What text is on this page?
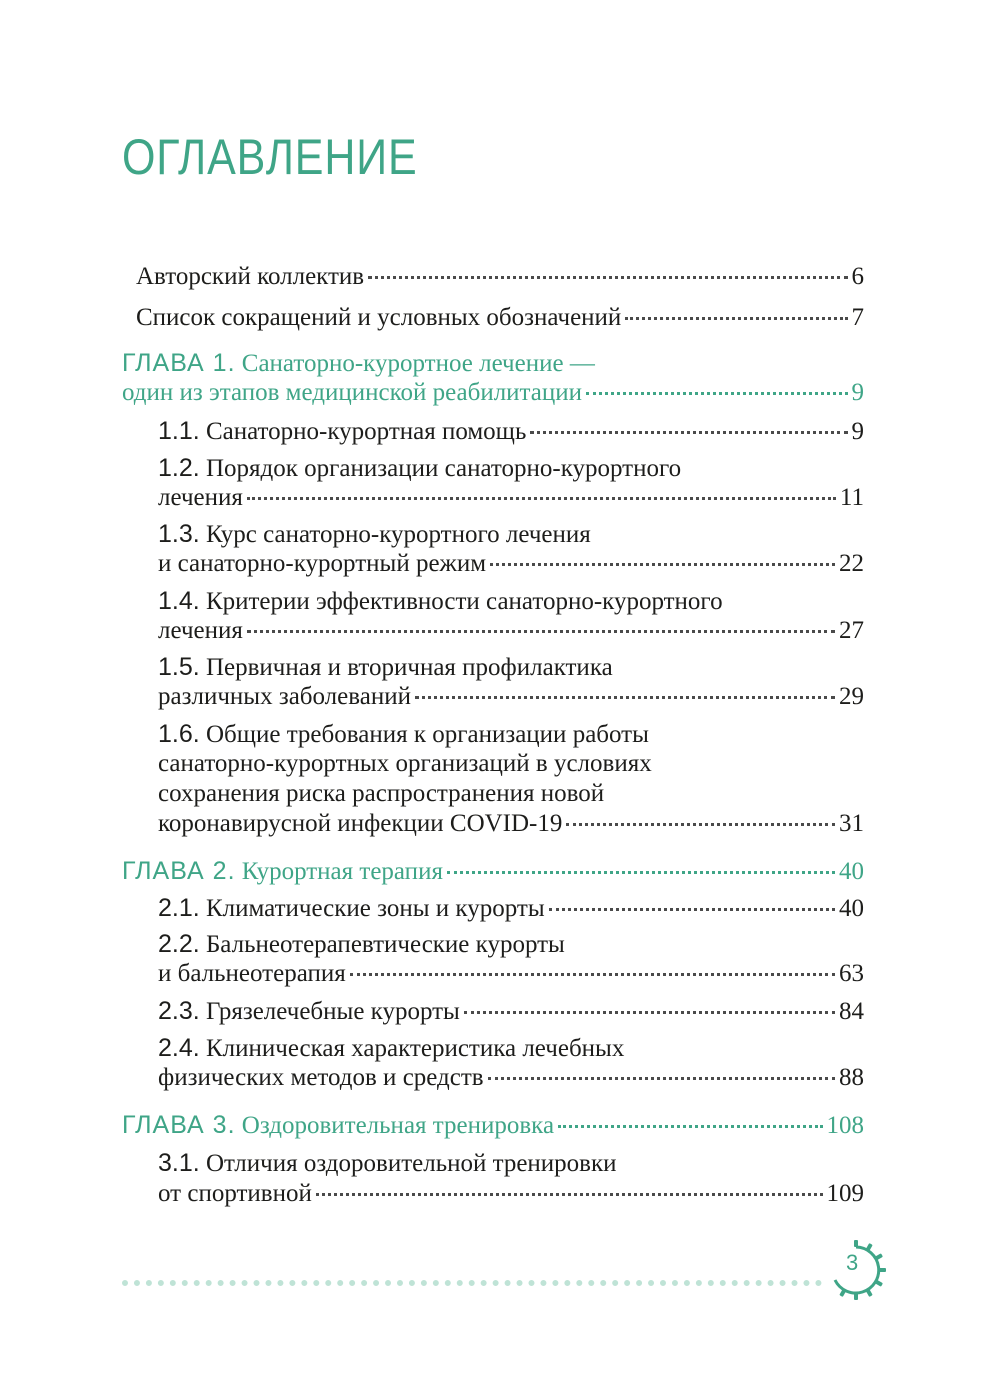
ОГЛАВЛЕНИЕ
Авторский коллектив	6
Список сокращений и условных обозначений	7
ГЛАВА 1. Санаторно-курортное лечение —
один из этапов медицинской реабилитации	9
1.1. Санаторно-курортная помощь	9
1.2. Порядок организации санаторно-курортного
лечения	11
1.3. Курс санаторно-курортного лечения
и санаторно-курортный режим	22
1.4. Критерии эффективности санаторно-курортного
лечения	27
1.5. Первичная и вторичная профилактика
различных заболеваний	29
1.6. Общие требования к организации работы
санаторно-курортных организаций в условиях
сохранения риска распространения новой
коронавирусной инфекции COVID-19	31
ГЛАВА 2. Курортная терапия	40
2.1. Климатические зоны и курорты	40
2.2. Бальнеотерапевтические курорты
и бальнеотерапия	63
2.3. Грязелечебные курорты	84
2.4. Клиническая характеристика лечебных
физических методов и средств	88
ГЛАВА 3. Оздоровительная тренировка	108
3.1. Отличия оздоровительной тренировки
от спортивной	109
3
